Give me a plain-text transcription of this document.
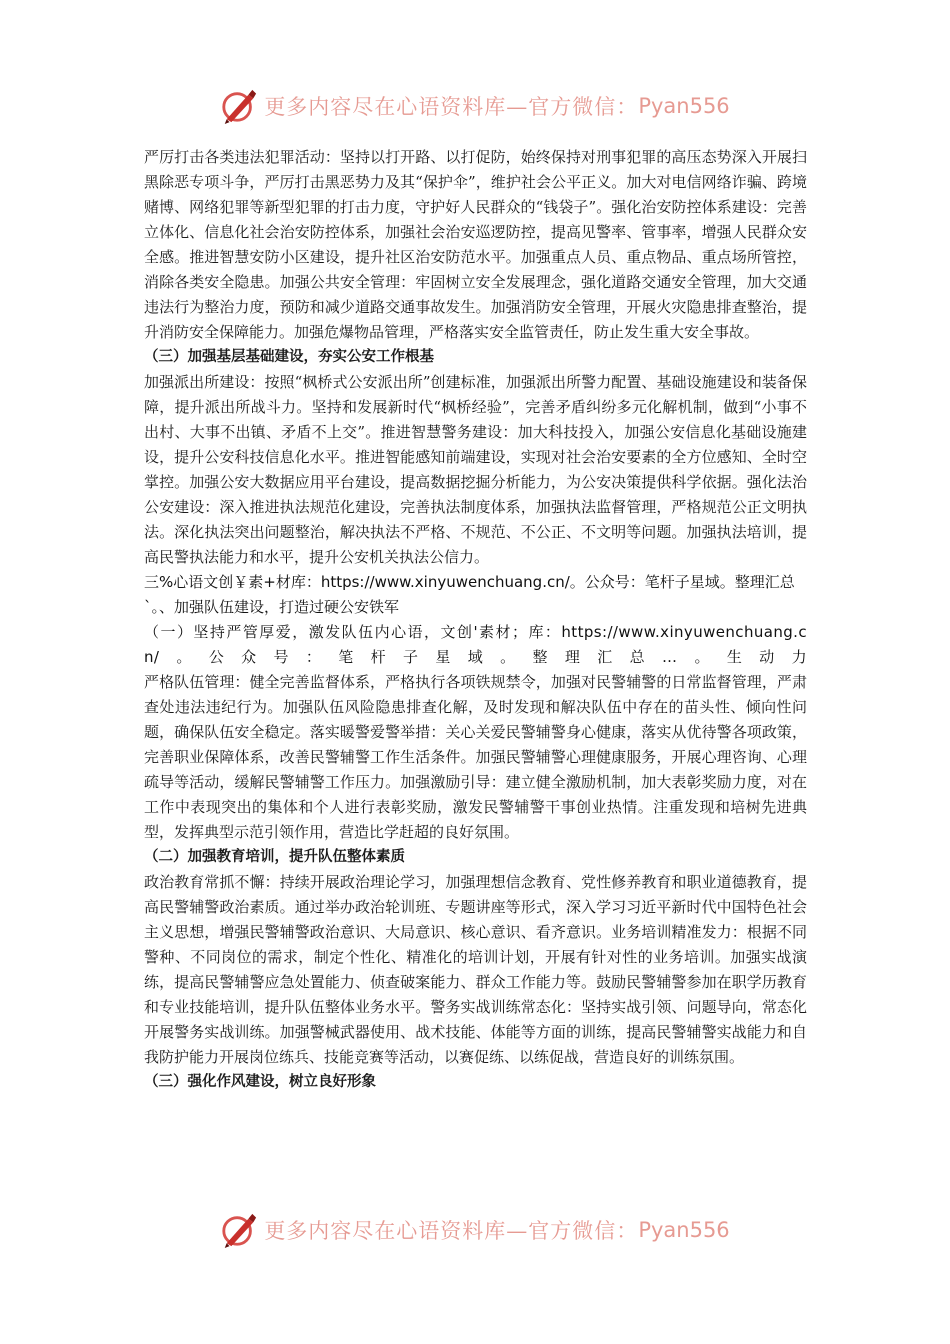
更多内容尽在心语资料库—官方微信： Pyan556

严厉打击各类违法犯罪活动：坚持以打开路、以打促防，始终保持对刑事犯罪的高压态势深入开展扫黑除恶专项斗争，严厉打击黑恶势力及其“保护伞”，维护社会公平正义。加大对电信网络诈骗、跨境赌博、网络犯罪等新型犯罪的打击力度，守护好人民群众的“钱袋子”。强化治安防控体系建设：完善立体化、信息化社会治安防控体系，加强社会治安巡逻防控，提高见警率、管事率，增强人民群众安全感。推进智慧安防小区建设，提升社区治安防范水平。加强重点人员、重点物品、重点场所管控，消除各类安全隐患。加强公共安全管理：牢固树立安全发展理念，强化道路交通安全管理，加大交通违法行为整治力度，预防和减少道路交通事故发生。加强消防安全管理，开展火灾隐患排查整治，提升消防安全保障能力。加强危爆物品管理，严格落实安全监管责任，防止发生重大安全事故。

（三）加强基层基础建设，夯实公安工作根基

加强派出所建设：按照“枫桥式公安派出所”创建标准，加强派出所警力配置、基础设施建设和装备保障，提升派出所战斗力。坚持和发展新时代“枫桥经验”，完善矛盾纠纷多元化解机制，做到“小事不出村、大事不出镇、矛盾不上交”。推进智慧警务建设：加大科技投入，加强公安信息化基础设施建设，提升公安科技信息化水平。推进智能感知前端建设，实现对社会治安要素的全方位感知、全时空掌控。加强公安大数据应用平台建设，提高数据挖掘分析能力，为公安决策提供科学依据。强化法治公安建设：深入推进执法规范化建设，完善执法制度体系，加强执法监督管理，严格规范公正文明执法。深化执法突出问题整治，解决执法不严格、不规范、不公正、不文明等问题。加强执法培训，提高民警执法能力和水平，提升公安机关执法公信力。

三%心语文创￥素+材库：https://www.xinyuwenchuang.cn/。公众号：笔杆子星域。整理汇总`。、加强队伍建设，打造过硬公安铁军

（一）坚持严管厚爱，激发队伍内心语，文创'素材；库：https://www.xinyuwenchuang.cn/。公众号：笔杆子星域。整理汇总…。生动力

严格队伍管理：健全完善监督体系，严格执行各项铁规禁令，加强对民警辅警的日常监督管理，严肃查处违法违纪行为。加强队伍风险隐患排查化解，及时发现和解决队伍中存在的苗头性、倾向性问题，确保队伍安全稳定。落实暖警爱警举措：关心关爱民警辅警身心健康，落实从优待警各项政策，完善职业保障体系，改善民警辅警工作生活条件。加强民警辅警心理健康服务，开展心理咨询、心理疏导等活动，缓解民警辅警工作压力。加强激励引导：建立健全激励机制，加大表彰奖励力度，对在工作中表现突出的集体和个人进行表彰奖励，激发民警辅警干事创业热情。注重发现和培树先进典型，发挥典型示范引领作用，营造比学赶超的良好氛围。

（二）加强教育培训，提升队伍整体素质

政治教育常抓不懈：持续开展政治理论学习，加强理想信念教育、党性修养教育和职业道德教育，提高民警辅警政治素质。通过举办政治轮训班、专题讲座等形式，深入学习习近平新时代中国特色社会主义思想，增强民警辅警政治意识、大局意识、核心意识、看齐意识。业务培训精准发力：根据不同警种、不同岗位的需求，制定个性化、精准化的培训计划，开展有针对性的业务培训。加强实战演练，提高民警辅警应急处置能力、侦查破案能力、群众工作能力等。鼓励民警辅警参加在职学历教育和专业技能培训，提升队伍整体业务水平。警务实战训练常态化：坚持实战引领、问题导向，常态化开展警务实战训练。加强警械武器使用、战术技能、体能等方面的训练，提高民警辅警实战能力和自我防护能力开展岗位练兵、技能竞赛等活动，以赛促练、以练促战，营造良好的训练氛围。

（三）强化作风建设，树立良好形象

更多内容尽在心语资料库—官方微信： Pyan556
